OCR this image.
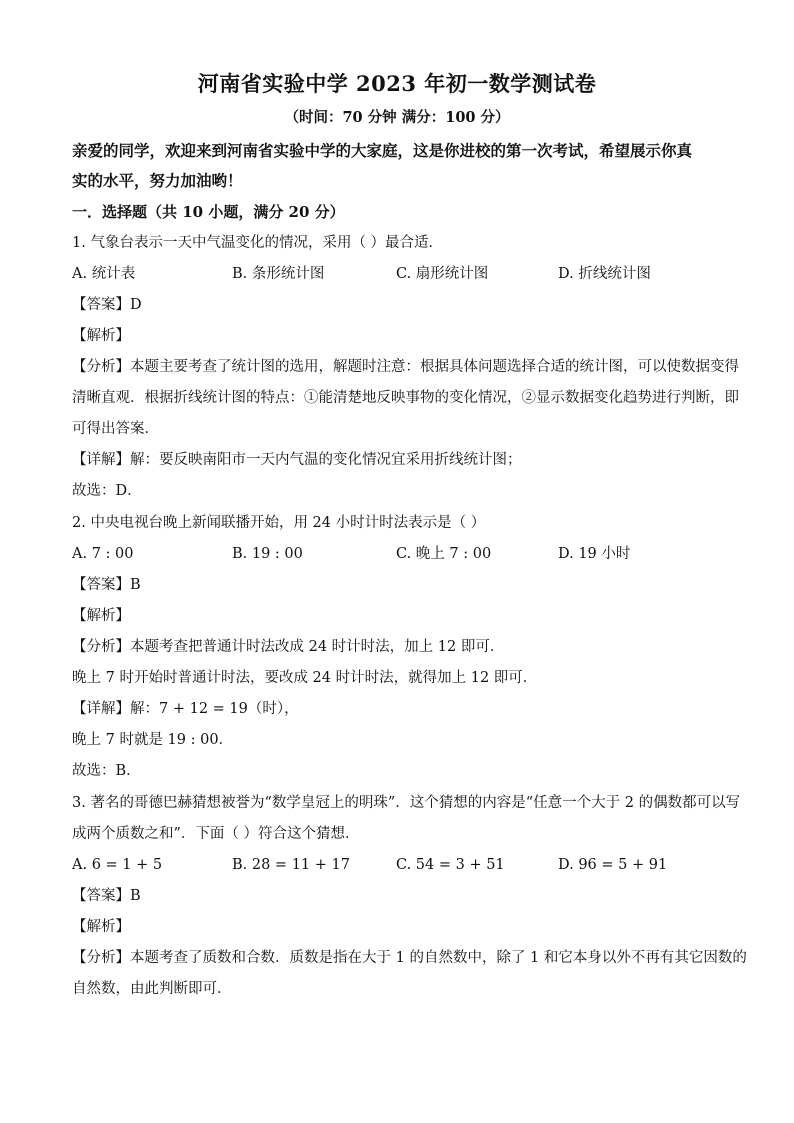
河南省实验中学 2023 年初一数学测试卷
（时间：70 分钟 满分：100 分）
亲爱的同学，欢迎来到河南省实验中学的大家庭，这是你进校的第一次考试，希望展示你真
实的水平，努力加油哟！
一．选择题（共 10 小题，满分 20 分）
1. 气象台表示一天中气温变化的情况，采用（ ）最合适．
A. 统计表	B. 条形统计图	C. 扇形统计图	D. 折线统计图
【答案】D
【解析】
【分析】本题主要考查了统计图的选用，解题时注意：根据具体问题选择合适的统计图，可以使数据变得
清晰直观．根据折线统计图的特点：①能清楚地反映事物的变化情况，②显示数据变化趋势进行判断，即
可得出答案．
【详解】解：要反映南阳市一天内气温的变化情况宜采用折线统计图；
故选：D．
2. 中央电视台晚上新闻联播开始，用 24 小时计时法表示是（ ）
A. 7 : 00	B. 19 : 00	C. 晚上 7 : 00	D. 19 小时
【答案】B
【解析】
【分析】本题考查把普通计时法改成 24 时计时法，加上 12 即可．
晚上 7 时开始时普通计时法，要改成 24 时计时法，就得加上 12 即可．
【详解】解：7 + 12 = 19（时），
晚上 7 时就是 19 : 00．
故选：B．
3. 著名的哥德巴赫猜想被誉为“数学皇冠上的明珠”．这个猜想的内容是“任意一个大于 2 的偶数都可以写
成两个质数之和”．下面（ ）符合这个猜想．
A. 6 = 1 + 5	B. 28 = 11 + 17	C. 54 = 3 + 51	D. 96 = 5 + 91
【答案】B
【解析】
【分析】本题考查了质数和合数．质数是指在大于 1 的自然数中，除了 1 和它本身以外不再有其它因数的
自然数，由此判断即可．
